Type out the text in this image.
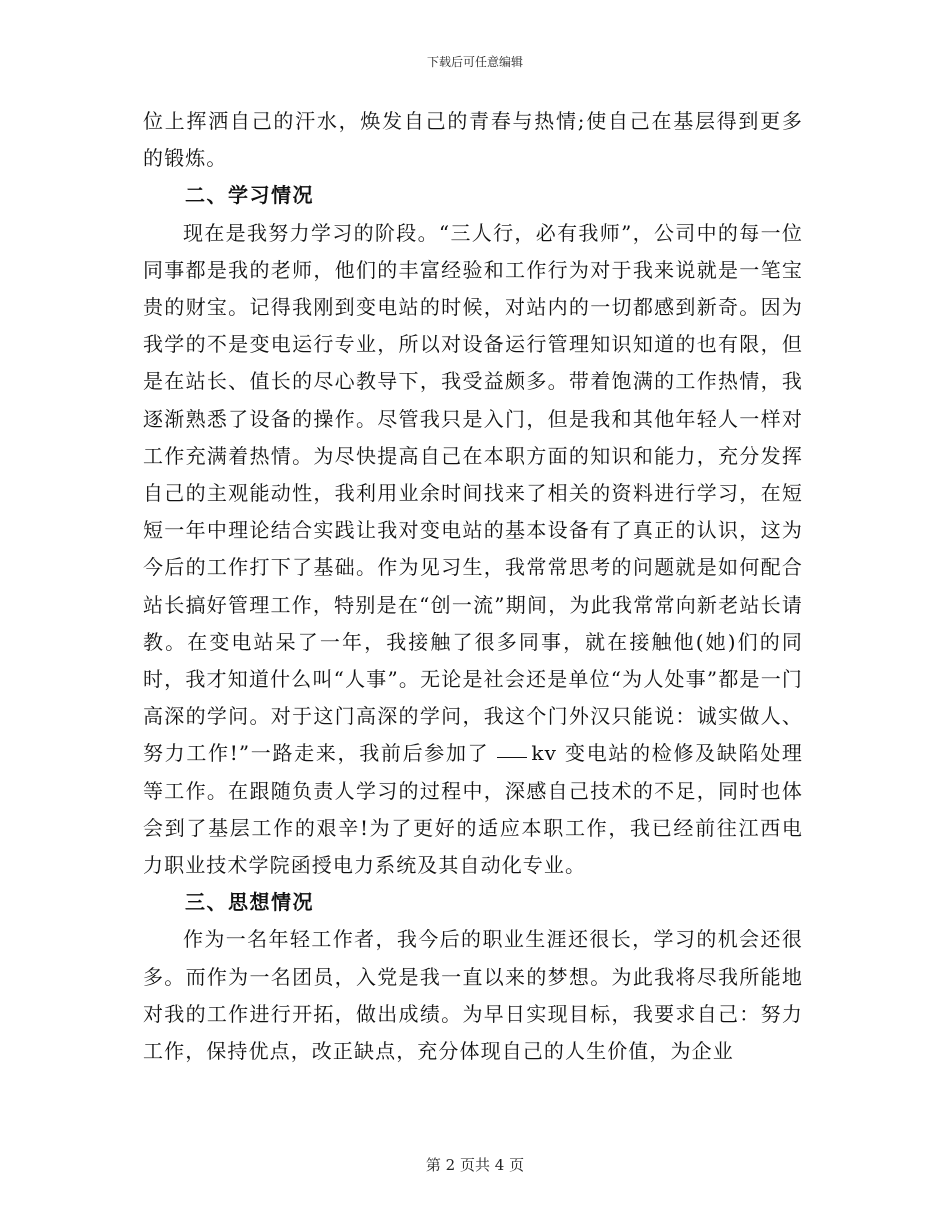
下载后可任意编辑

位上挥洒自己的汗水，焕发自己的青春与热情;使自己在基层得到更多的锻炼。

二、学习情况

现在是我努力学习的阶段。“三人行，必有我师”，公司中的每一位同事都是我的老师，他们的丰富经验和工作行为对于我来说就是一笔宝贵的财宝。记得我刚到变电站的时候，对站内的一切都感到新奇。因为我学的不是变电运行专业，所以对设备运行管理知识知道的也有限，但是在站长、值长的尽心教导下，我受益颇多。带着饱满的工作热情，我逐渐熟悉了设备的操作。尽管我只是入门，但是我和其他年轻人一样对工作充满着热情。为尽快提高自己在本职方面的知识和能力，充分发挥自己的主观能动性，我利用业余时间找来了相关的资料进行学习，在短短一年中理论结合实践让我对变电站的基本设备有了真正的认识，这为今后的工作打下了基础。作为见习生，我常常思考的问题就是如何配合站长搞好管理工作，特别是在“创一流”期间，为此我常常向新老站长请教。在变电站呆了一年，我接触了很多同事，就在接触他(她)们的同时，我才知道什么叫“人事”。无论是社会还是单位“为人处事”都是一门高深的学问。对于这门高深的学问，我这个门外汉只能说：诚实做人、努力工作!”一路走来，我前后参加了 kv 变电站的检修及缺陷处理等工作。在跟随负责人学习的过程中，深感自己技术的不足，同时也体会到了基层工作的艰辛!为了更好的适应本职工作，我已经前往江西电力职业技术学院函授电力系统及其自动化专业。

三、思想情况

作为一名年轻工作者，我今后的职业生涯还很长，学习的机会还很多。而作为一名团员，入党是我一直以来的梦想。为此我将尽我所能地对我的工作进行开拓，做出成绩。为早日实现目标，我要求自己：努力工作，保持优点，改正缺点，充分体现自己的人生价值，为企业

第 2 页共 4 页
